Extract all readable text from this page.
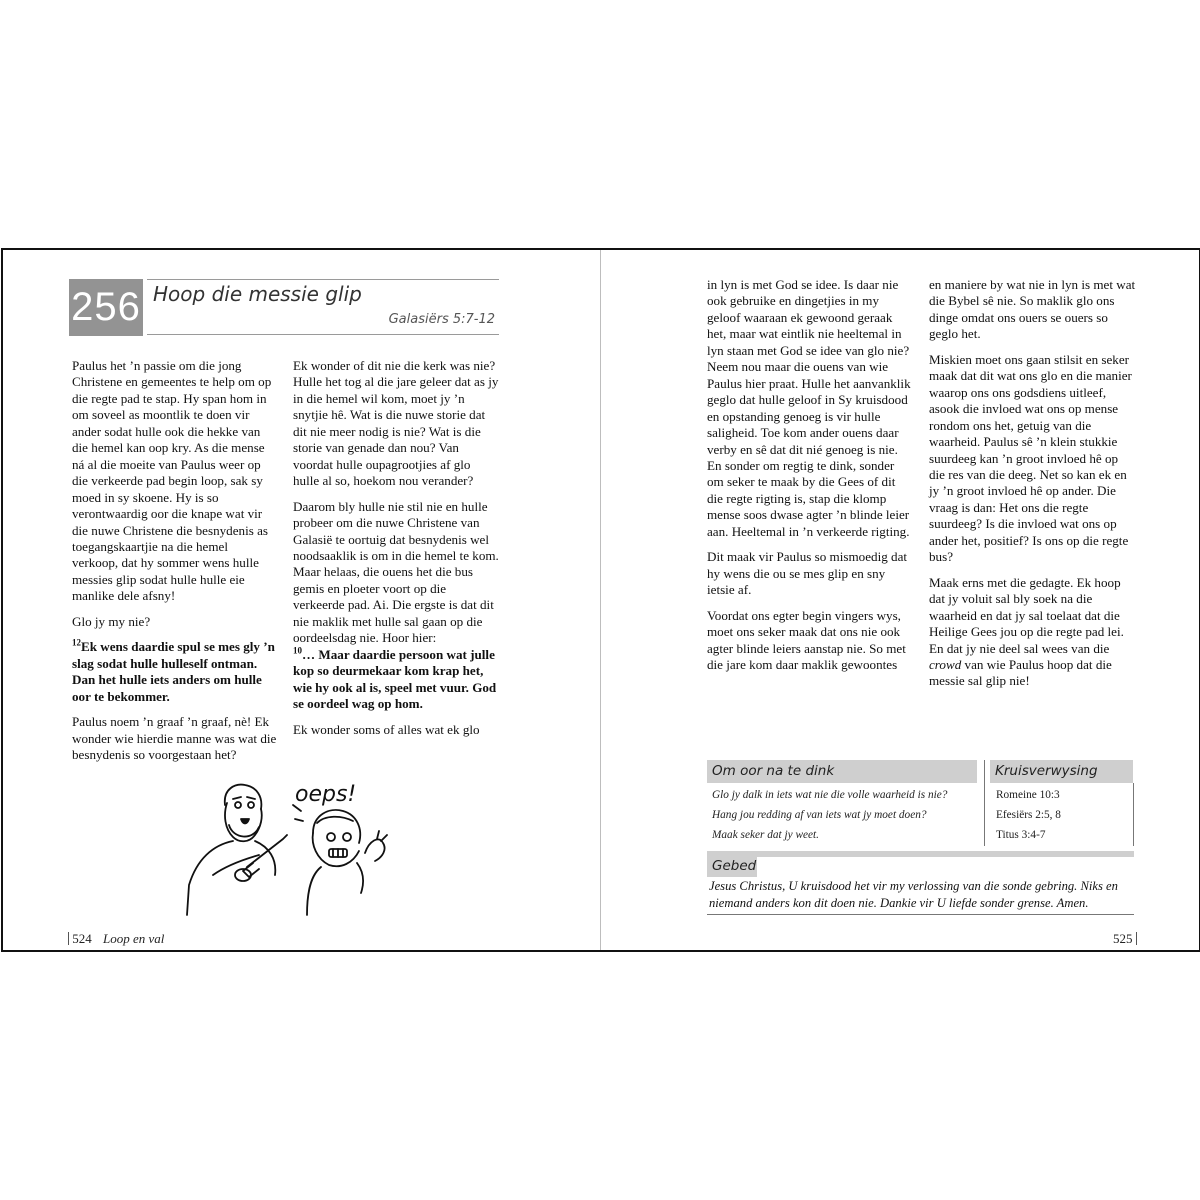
256 Hoop die messie glip
Galasiërs 5:7-12

Paulus het ’n passie om die jong Christene en gemeentes te help om op die regte pad te stap. Hy span hom in om soveel as moontlik te doen vir ander sodat hulle ook die hekke van die hemel kan oop kry. As die mense ná al die moeite van Paulus weer op die verkeerde pad begin loop, sak sy moed in sy skoene. Hy is so verontwaardig oor die knape wat vir die nuwe Christene die besnydenis as toegangskaartjie na die hemel verkoop, dat hy sommer wens hulle messies glip sodat hulle hulle eie manlike dele afsny!

Glo jy my nie?

$^{12}$Ek wens daardie spul se mes gly ’n slag sodat hulle hulleself ontman. Dan het hulle iets anders om hulle oor te bekommer.

Paulus noem ’n graaf ’n graaf, nè! Ek wonder wie hierdie manne was wat die besnydenis so voorgestaan het?

Ek wonder of dit nie die kerk was nie? Hulle het tog al die jare geleer dat as jy in die hemel wil kom, moet jy ’n snytjie hê. Wat is die nuwe storie dat dit nie meer nodig is nie? Wat is die storie van genade dan nou? Van voordat hulle oupagrootjies af glo hulle al so, hoekom nou verander?

Daarom bly hulle nie stil nie en hulle probeer om die nuwe Christene van Galasië te oortuig dat besnydenis wel noodsaaklik is om in die hemel te kom. Maar helaas, die ouens het die bus gemis en ploeter voort op die verkeerde pad. Ai. Die ergste is dat dit nie maklik met hulle sal gaan op die oordeelsdag nie. Hoor hier:
$^{10}$… Maar daardie persoon wat julle kop so deurmekaar kom krap het, wie hy ook al is, speel met vuur. God se oordeel wag op hom.

Ek wonder soms of alles wat ek glo

oeps!
524 Loop en val

in lyn is met God se idee. Is daar nie ook gebruike en dingetjies in my geloof waaraan ek gewoond geraak het, maar wat eintlik nie heeltemal in lyn staan met God se idee van glo nie? Neem nou maar die ouens van wie Paulus hier praat. Hulle het aanvanklik geglo dat hulle geloof in Sy kruisdood en opstanding genoeg is vir hulle saligheid. Toe kom ander ouens daar verby en sê dat dit nié genoeg is nie. En sonder om regtig te dink, sonder om seker te maak by die Gees of dit die regte rigting is, stap die klomp mense soos dwase agter ’n blinde leier aan. Heeltemal in ’n verkeerde rigting.

Dit maak vir Paulus so mismoedig dat hy wens die ou se mes glip en sny ietsie af.

Voordat ons egter begin vingers wys, moet ons seker maak dat ons nie ook agter blinde leiers aanstap nie. So met die jare kom daar maklik gewoontes

en maniere by wat nie in lyn is met wat die Bybel sê nie. So maklik glo ons dinge omdat ons ouers se ouers so geglo het.

Miskien moet ons gaan stilsit en seker maak dat dit wat ons glo en die manier waarop ons ons godsdiens uitleef, asook die invloed wat ons op mense rondom ons het, getuig van die waarheid. Paulus sê ’n klein stukkie suurdeeg kan ’n groot invloed hê op die res van die deeg. Net so kan ek en jy ’n groot invloed hê op ander. Die vraag is dan: Het ons die regte suurdeeg? Is die invloed wat ons op ander het, positief? Is ons op die regte bus?

Maak erns met die gedagte. Ek hoop dat jy voluit sal bly soek na die waarheid en dat jy sal toelaat dat die Heilige Gees jou op die regte pad lei. En dat jy nie deel sal wees van die crowd van wie Paulus hoop dat die messie sal glip nie!

Om oor na te dink
Glo jy dalk in iets wat nie die volle waarheid is nie?
Hang jou redding af van iets wat jy moet doen?
Maak seker dat jy weet.
Kruisverwysing
Romeine 10:3
Efesiërs 2:5, 8
Titus 3:4-7
Gebed
Jesus Christus, U kruisdood het vir my verlossing van die sonde gebring. Niks en niemand anders kon dit doen nie. Dankie vir U liefde sonder grense. Amen.
525
